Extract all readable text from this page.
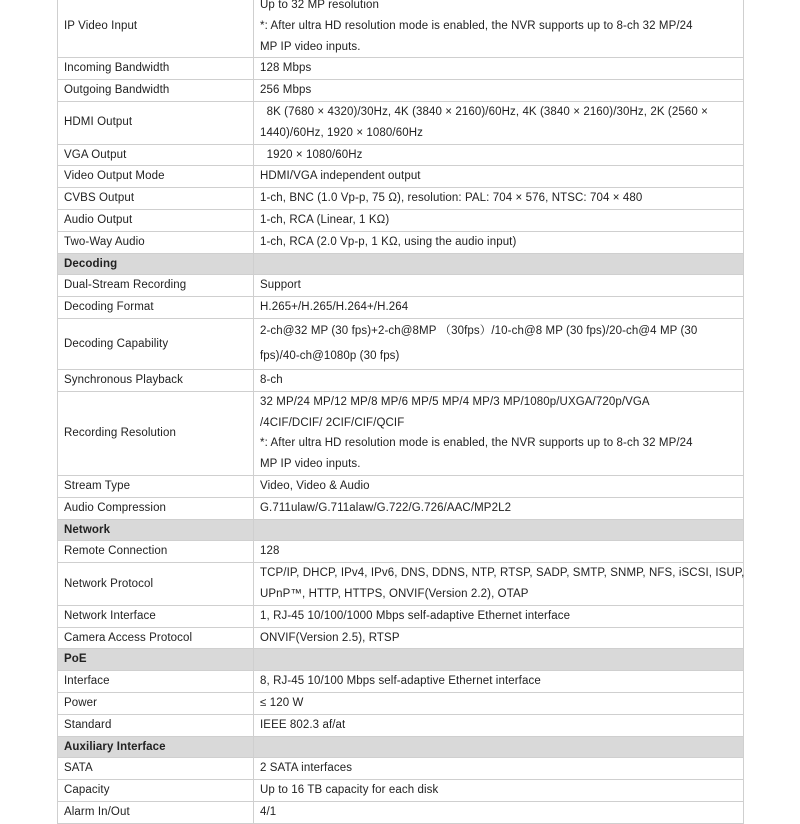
IP Video Input	Up to 32 MP resolution
*: After ultra HD resolution mode is enabled, the NVR supports up to 8-ch 32 MP/24
MP IP video inputs.

Incoming Bandwidth	128 Mbps

Outgoing Bandwidth	256 Mbps

HDMI Output	8K (7680 × 4320)/30Hz, 4K (3840 × 2160)/60Hz, 4K (3840 × 2160)/30Hz, 2K (2560 ×
1440)/60Hz, 1920 × 1080/60Hz

VGA Output	1920 × 1080/60Hz

Video Output Mode	HDMI/VGA independent output

CVBS Output	1-ch, BNC (1.0 Vp-p, 75 Ω), resolution: PAL: 704 × 576, NTSC: 704 × 480

Audio Output	1-ch, RCA (Linear, 1 KΩ)

Two-Way Audio	1-ch, RCA (2.0 Vp-p, 1 KΩ, using the audio input)

Decoding	
Dual-Stream Recording	Support

Decoding Format	H.265+/H.265/H.264+/H.264

Decoding Capability	2-ch@32 MP (30 fps)+2-ch@8MP （30fps）/10-ch@8 MP (30 fps)/20-ch@4 MP (30
fps)/40-ch@1080p (30 fps)

Synchronous Playback	8-ch

Recording Resolution	32 MP/24 MP/12 MP/8 MP/6 MP/5 MP/4 MP/3 MP/1080p/UXGA/720p/VGA
/4CIF/DCIF/ 2CIF/CIF/QCIF
*: After ultra HD resolution mode is enabled, the NVR supports up to 8-ch 32 MP/24
MP IP video inputs.

Stream Type	Video, Video & Audio

Audio Compression	G.711ulaw/G.711alaw/G.722/G.726/AAC/MP2L2

Network	
Remote Connection	128

Network Protocol	TCP/IP, DHCP, IPv4, IPv6, DNS, DDNS, NTP, RTSP, SADP, SMTP, SNMP, NFS, iSCSI, ISUP,
UPnP™, HTTP, HTTPS, ONVIF(Version 2.2), OTAP

Network Interface	1, RJ-45 10/100/1000 Mbps self-adaptive Ethernet interface

Camera Access Protocol	ONVIF(Version 2.5), RTSP

PoE	
Interface	8, RJ-45 10/100 Mbps self-adaptive Ethernet interface

Power	≤ 120 W

Standard	IEEE 802.3 af/at

Auxiliary Interface	
SATA	2 SATA interfaces

Capacity	Up to 16 TB capacity for each disk

Alarm In/Out	4/1
